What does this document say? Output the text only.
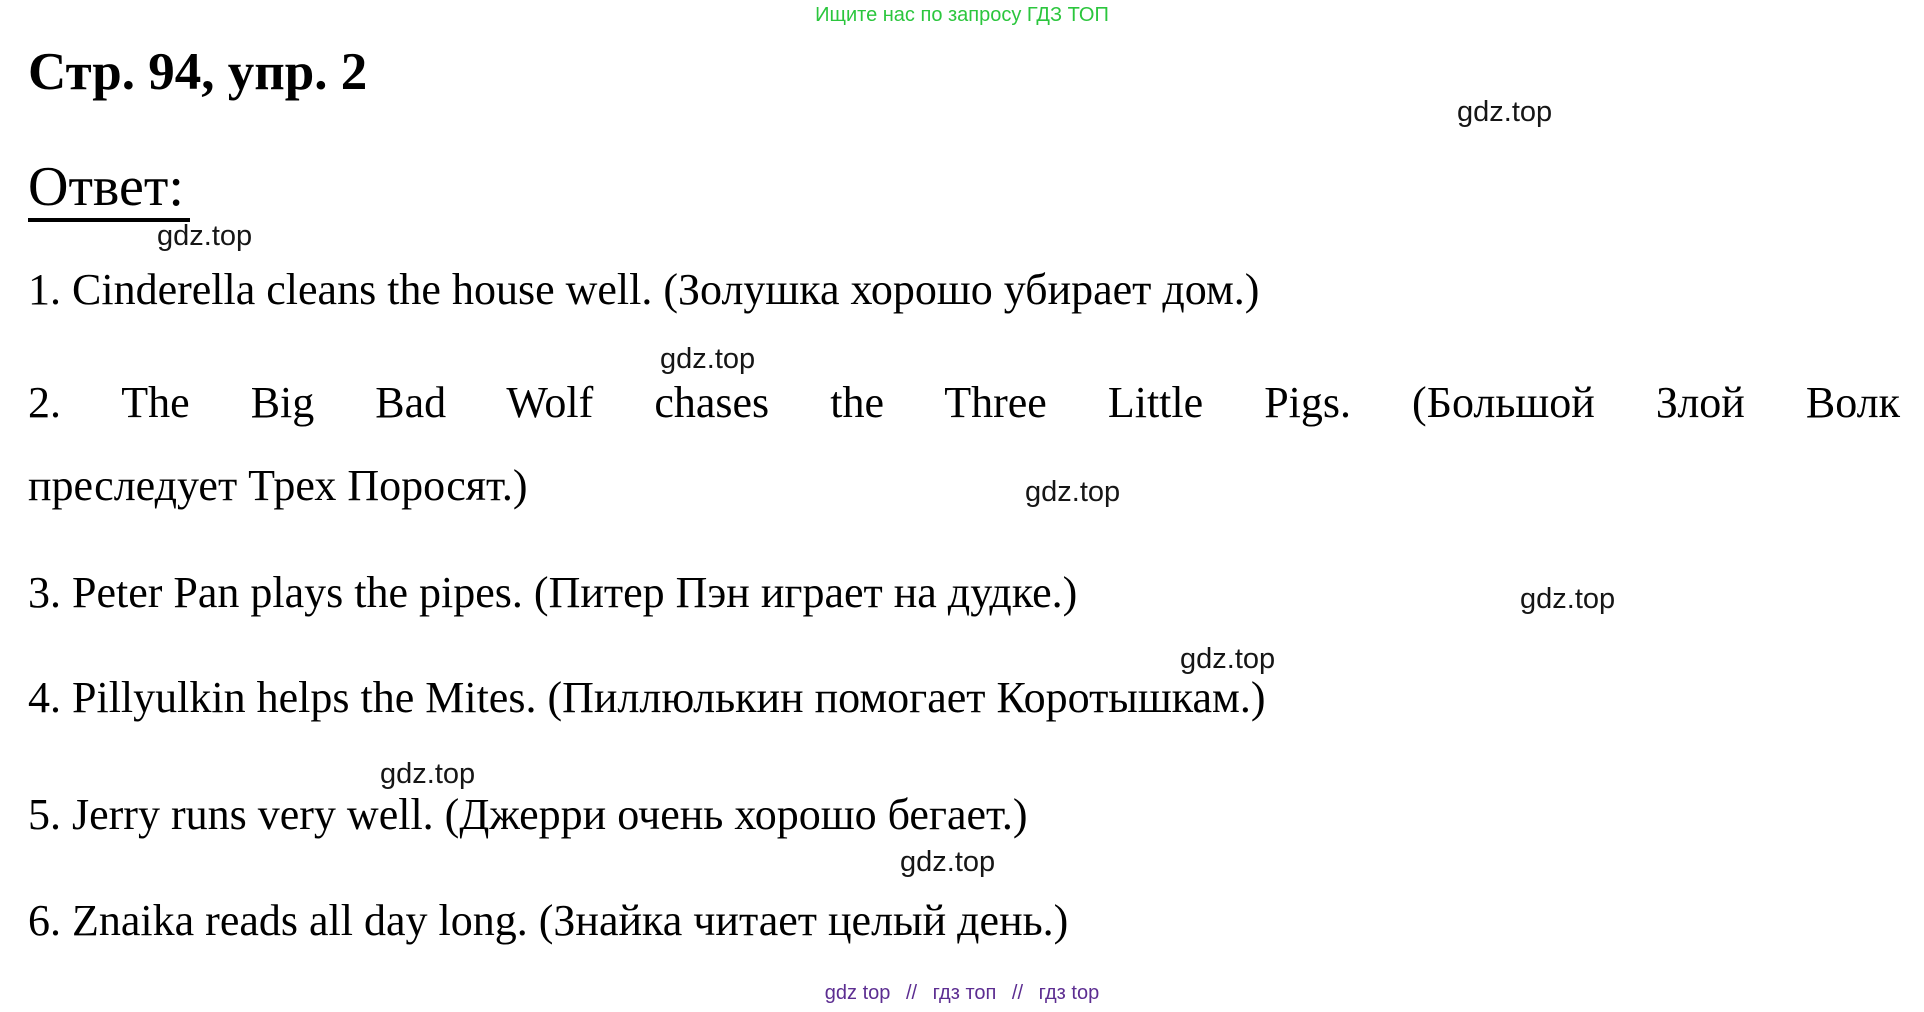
Ищите нас по запросу ГДЗ ТОП
Стр. 94, упр. 2
gdz.top
Ответ:
gdz.top
1. Cinderella cleans the house well. (Золушка хорошо убирает дом.)
gdz.top
2. The Big Bad Wolf chases the Three Little Pigs. (Большой Злой Волк
преследует Трех Поросят.)	gdz.top
3. Peter Pan plays the pipes. (Питер Пэн играет на дудке.)	gdz.top
gdz.top
4. Pillyulkin helps the Mites. (Пиллюлькин помогает Коротышкам.)
gdz.top
5. Jerry runs very well. (Джерри очень хорошо бегает.)
gdz.top
6. Znaika reads all day long. (Знайка читает целый день.)
gdz top // гдз топ // гдз top
